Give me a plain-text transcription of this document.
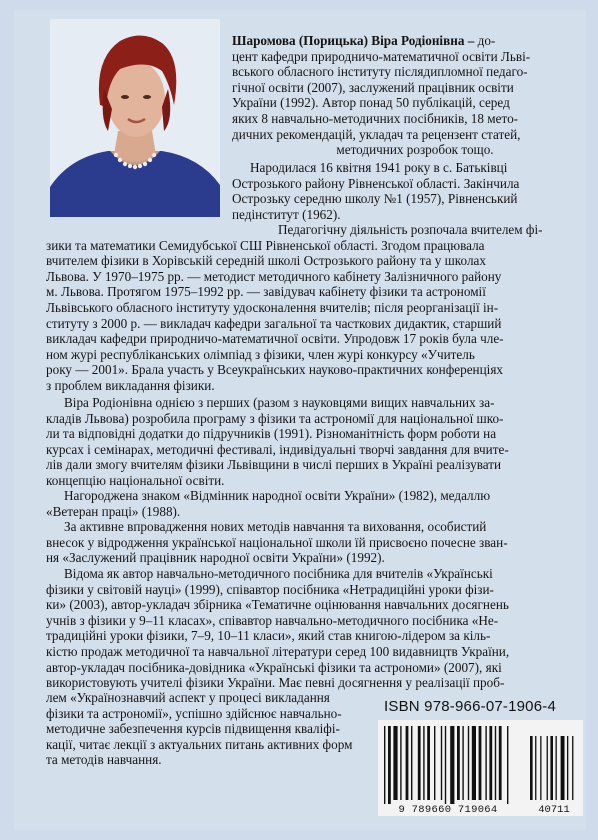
Шаромова (Порицька) Віра Родіонівна – до-
цент кафедри природничо-математичної освіти Льві-
вського обласного інституту післядипломної педаго-
гічної освіти (2007), заслужений працівник освіти
України (1992). Автор понад 50 публікацій, серед
яких 8 навчально-методичних посібників, 18 мето-
дичних рекомендацій, укладач та рецензент статей,
методичних розробок тощо.

Народилася 16 квітня 1941 року в с. Батьківці
Острозького району Рівненської області. Закінчила
Острозьку середню школу №1 (1957), Рівненський
педінститут (1962).

Педагогічну діяльність розпочала вчителем фі-
зики та математики Семидубської СШ Рівненської області. Згодом працювала
вчителем фізики в Хорівській середній школі Острозького району та у школах
Львова. У 1970–1975 рр. — методист методичного кабінету Залізничного району
м. Львова. Протягом 1975–1992 рр. — завідувач кабінету фізики та астрономії
Львівського обласного інституту удосконалення вчителів; після реорганізації ін-
ституту з 2000 р. — викладач кафедри загальної та часткових дидактик, старший
викладач кафедри природничо-математичної освіти. Упродовж 17 років була чле-
ном журі республіканських олімпіад з фізики, член журі конкурсу «Учитель
року — 2001». Брала участь у Всеукраїнських науково-практичних конференціях
з проблем викладання фізики.

Віра Родіонівна однією з перших (разом з науковцями вищих навчальних за-
кладів Львова) розробила програму з фізики та астрономії для національної шко-
ли та відповідні додатки до підручників (1991). Різноманітність форм роботи на
курсах і семінарах, методичні фестивалі, індивідуальні творчі завдання для вчите-
лів дали змогу вчителям фізики Львівщини в числі перших в Україні реалізувати
концепцію національної освіти.

Нагороджена знаком «Відмінник народної освіти України» (1982), медаллю
«Ветеран праці» (1988).

За активне впровадження нових методів навчання та виховання, особистий
внесок у відродження української національної школи їй присвоєно почесне зван-
ня «Заслужений працівник народної освіти України» (1992).

Відома як автор навчально-методичного посібника для вчителів «Українські
фізики у світовій науці» (1999), співавтор посібника «Нетрадиційні уроки фізи-
ки» (2003), автор-укладач збірника «Тематичне оцінювання навчальних досягнень
учнів з фізики у 9–11 класах», співавтор навчально-методичного посібника «Не-
традиційні уроки фізики, 7–9, 10–11 класи», який став книгою-лідером за кіль-
кістю продаж методичної та навчальної літератури серед 100 видавництв України,
автор-укладач посібника-довідника «Українські фізики та астрономи» (2007), які
використовують учителі фізики України. Має певні досягнення у реалізації проб-

лем «Українознавчий аспект у процесі викладання
фізики та астрономії», успішно здійснює навчально-
методичне забезпечення курсів підвищення кваліфі-
кації, читає лекції з актуальних питань активних форм
та методів навчання.

ISBN 978-966-07-1906-4
9 789660 719064	40711
